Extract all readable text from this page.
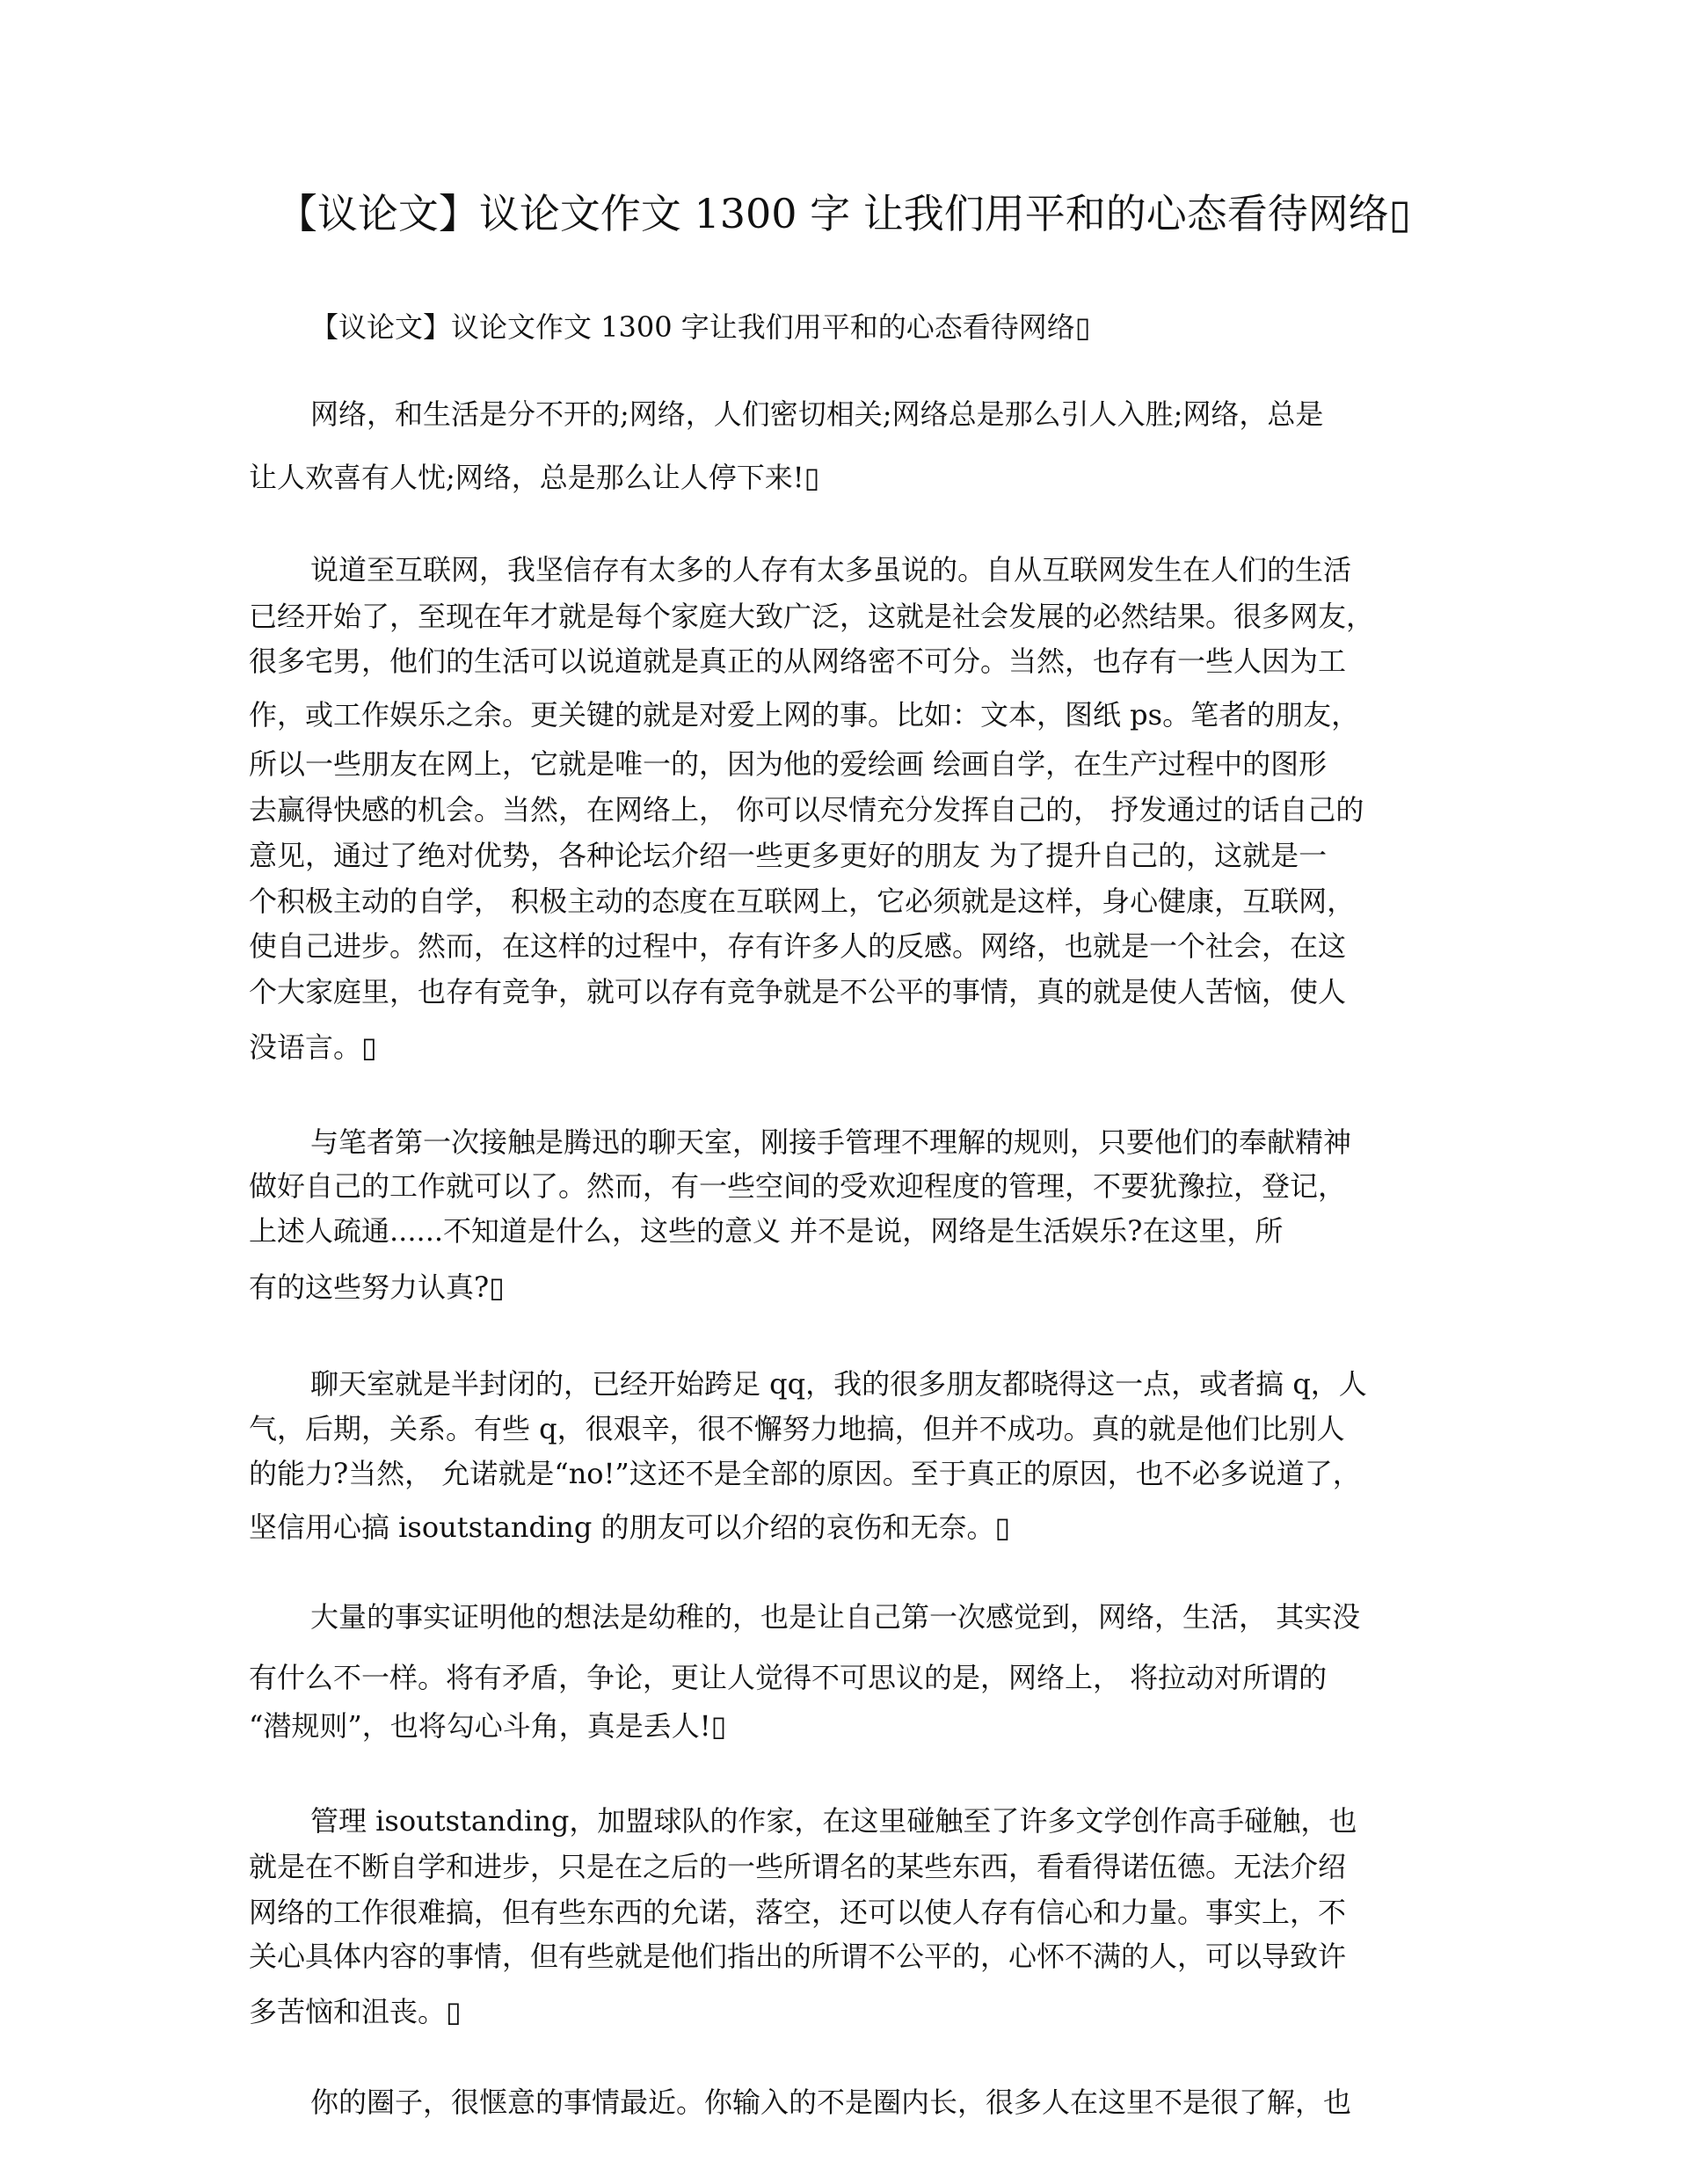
【议论文】议论文作文 1300 字 让我们用平和的心态看待网络▯
【议论文】议论文作文 1300 字让我们用平和的心态看待网络▯
网络，和生活是分不开的;网络，人们密切相关;网络总是那么引人入胜;网络，总是
让人欢喜有人忧;网络，总是那么让人停下来!▯
说道至互联网，我坚信存有太多的人存有太多虽说的。自从互联网发生在人们的生活
已经开始了，至现在年才就是每个家庭大致广泛，这就是社会发展的必然结果。很多网友，
很多宅男，他们的生活可以说道就是真正的从网络密不可分。当然，也存有一些人因为工
作，或工作娱乐之余。更关键的就是对爱上网的事。比如：文本，图纸 ps。笔者的朋友，
所以一些朋友在网上，它就是唯一的，因为他的爱绘画 绘画自学，在生产过程中的图形
去赢得快感的机会。当然，在网络上， 你可以尽情充分发挥自己的， 抒发通过的话自己的
意见，通过了绝对优势，各种论坛介绍一些更多更好的朋友 为了提升自己的，这就是一
个积极主动的自学， 积极主动的态度在互联网上，它必须就是这样，身心健康，互联网，
使自己进步。然而，在这样的过程中，存有许多人的反感。网络，也就是一个社会，在这
个大家庭里，也存有竞争，就可以存有竞争就是不公平的事情，真的就是使人苦恼，使人
没语言。▯
与笔者第一次接触是腾迅的聊天室，刚接手管理不理解的规则，只要他们的奉献精神
做好自己的工作就可以了。然而，有一些空间的受欢迎程度的管理，不要犹豫拉，登记，
上述人疏通......不知道是什么，这些的意义 并不是说，网络是生活娱乐?在这里，所
有的这些努力认真?▯
聊天室就是半封闭的，已经开始跨足 qq，我的很多朋友都晓得这一点，或者搞 q，人
气，后期，关系。有些 q，很艰辛，很不懈努力地搞，但并不成功。真的就是他们比别人
的能力?当然， 允诺就是“no!”这还不是全部的原因。至于真正的原因，也不必多说道了，
坚信用心搞 isoutstanding 的朋友可以介绍的哀伤和无奈。▯
大量的事实证明他的想法是幼稚的，也是让自己第一次感觉到，网络，生活， 其实没
有什么不一样。将有矛盾，争论，更让人觉得不可思议的是，网络上， 将拉动对所谓的
“潜规则”，也将勾心斗角，真是丢人!▯
管理 isoutstanding，加盟球队的作家，在这里碰触至了许多文学创作高手碰触，也
就是在不断自学和进步，只是在之后的一些所谓名的某些东西，看看得诺伍德。无法介绍
网络的工作很难搞，但有些东西的允诺，落空，还可以使人存有信心和力量。事实上，不
关心具体内容的事情，但有些就是他们指出的所谓不公平的，心怀不满的人，可以导致许
多苦恼和沮丧。▯
你的圈子，很惬意的事情最近。你输入的不是圈内长，很多人在这里不是很了解，也
